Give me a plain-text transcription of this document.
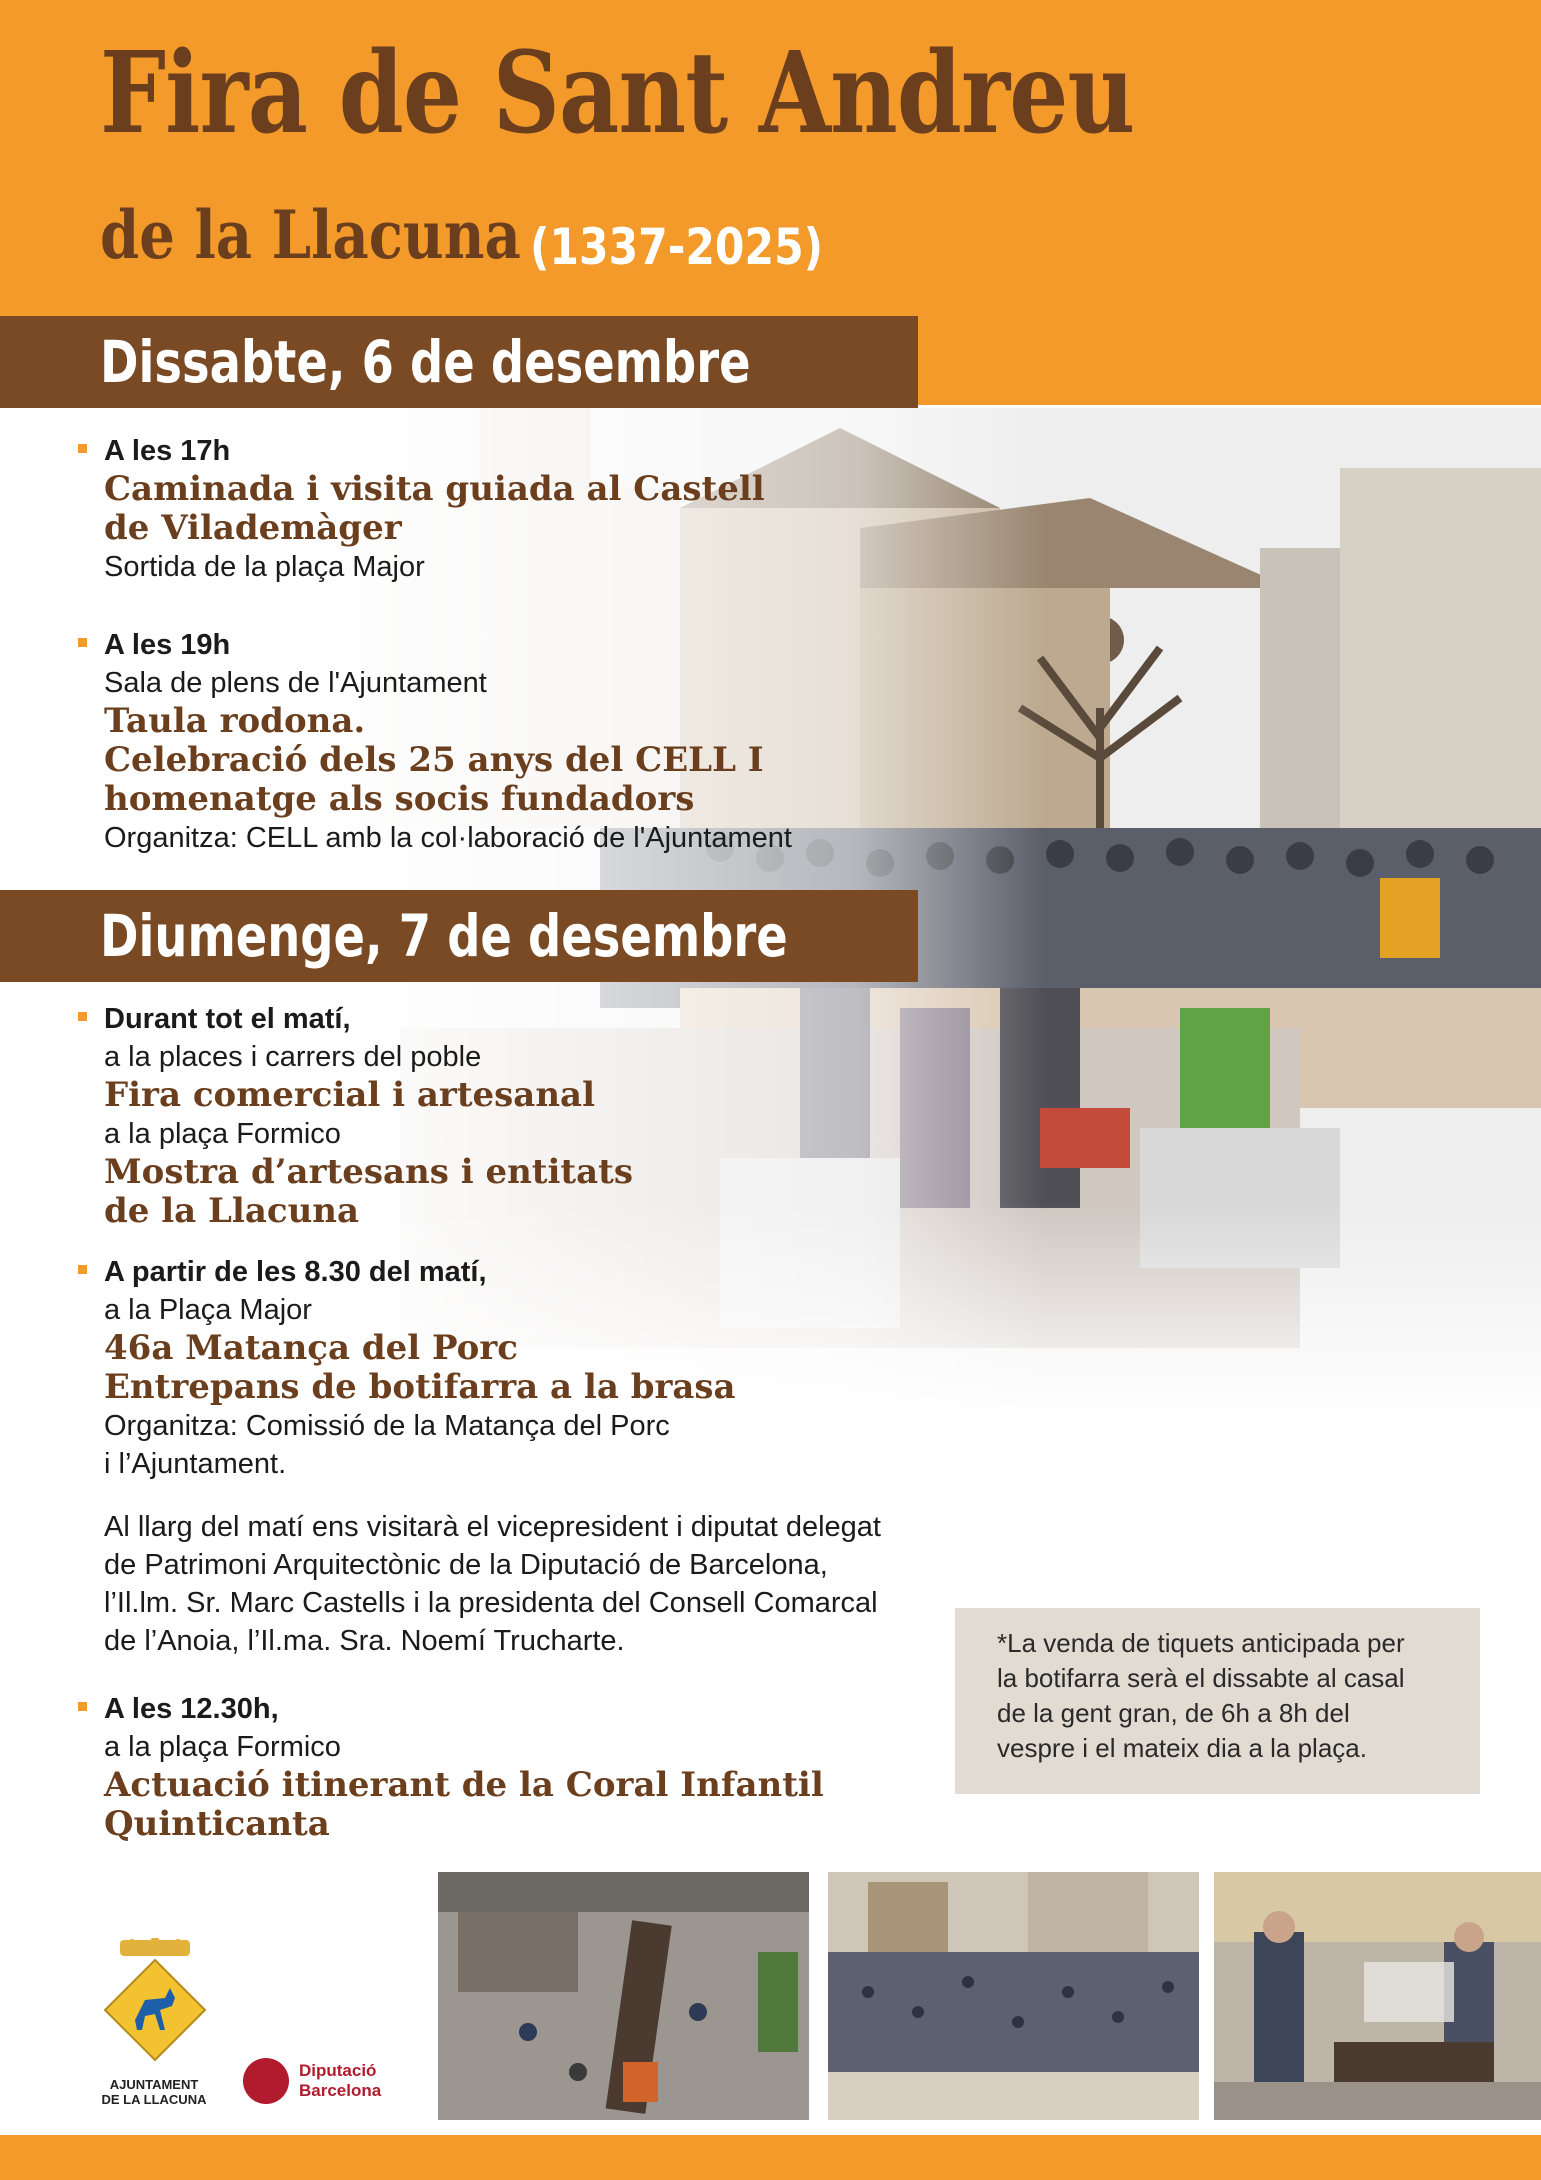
Fira de Sant Andreu
de la Llacuna (1337-2025)
Dissabte, 6 de desembre
A les 17h
Caminada i visita guiada al Castell
de Vilademàger
Sortida de la plaça Major
A les 19h
Sala de plens de l'Ajuntament
Taula rodona.
Celebració dels 25 anys del CELL I
homenatge als socis fundadors
Organitza: CELL amb la col·laboració de l'Ajuntament
Diumenge, 7 de desembre
Durant tot el matí,
a la places i carrers del poble
Fira comercial i artesanal
a la plaça Formico
Mostra d’artesans i entitats
de la Llacuna
A partir de les 8.30 del matí,
a la Plaça Major
46a Matança del Porc
Entrepans de botifarra a la brasa
Organitza: Comissió de la Matança del Porc
i l’Ajuntament.
Al llarg del matí ens visitarà el vicepresident i diputat delegat
de Patrimoni Arquitectònic de la Diputació de Barcelona,
l’Il.lm. Sr. Marc Castells i la presidenta del Consell Comarcal
de l’Anoia, l’Il.ma. Sra. Noemí Trucharte.
A les 12.30h,
a la plaça Formico
Actuació itinerant de la Coral Infantil
Quinticanta
*La venda de tiquets anticipada per
la botifarra serà el dissabte al casal
de la gent gran, de 6h a 8h del
vespre i el mateix dia a la plaça.
AJUNTAMENT
DE LA LLACUNA
Diputació
Barcelona
